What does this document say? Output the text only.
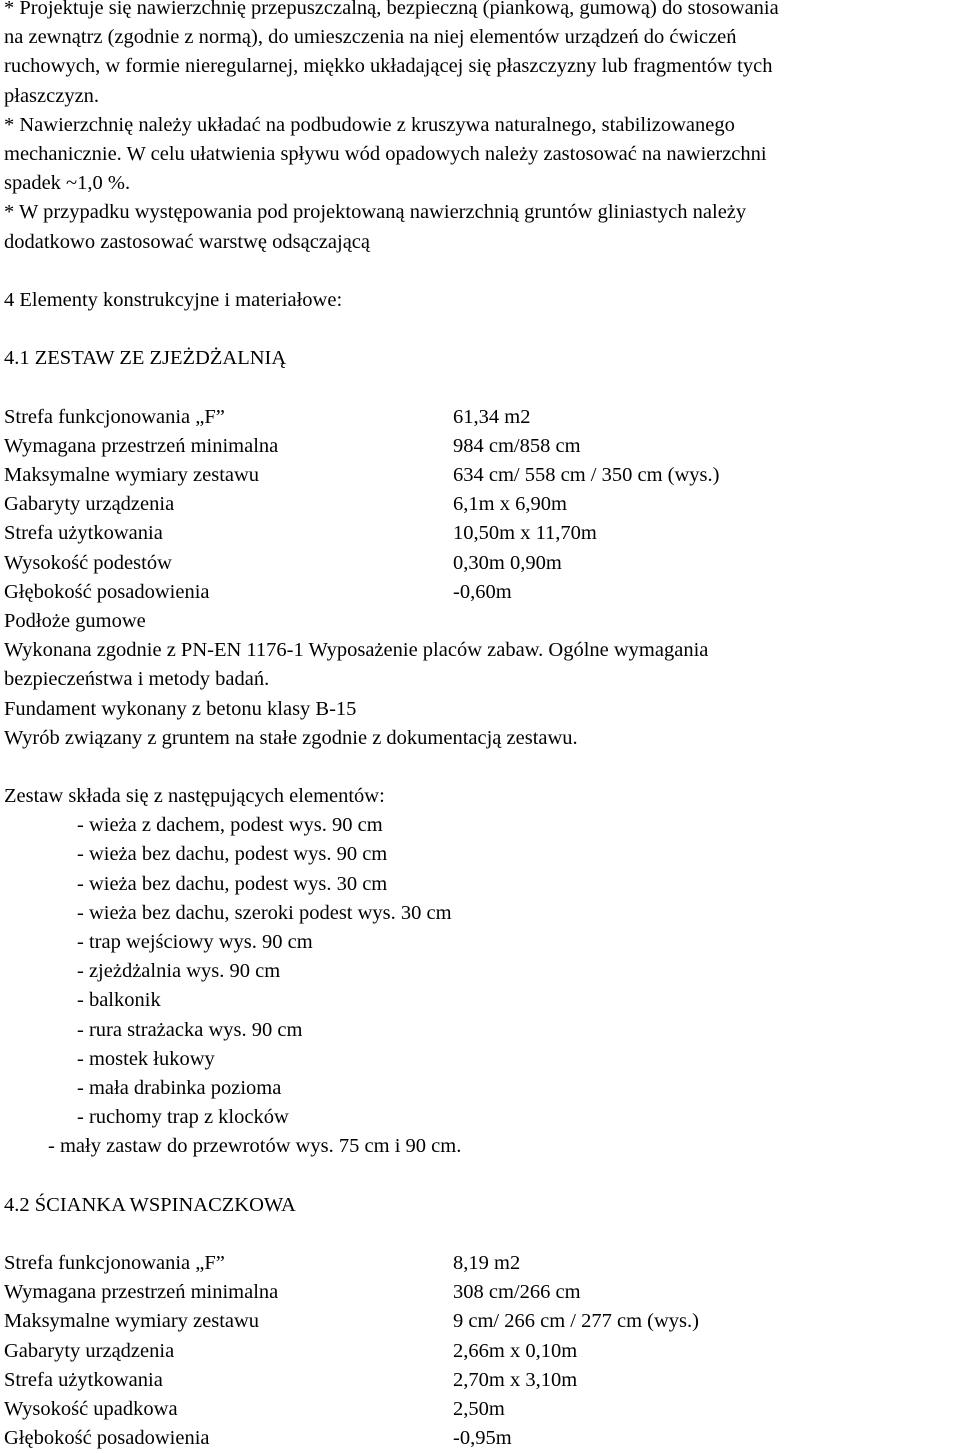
* Projektuje się nawierzchnię przepuszczalną, bezpieczną (piankową, gumową) do stosowania
na zewnątrz (zgodnie z normą), do umieszczenia na niej elementów urządzeń do ćwiczeń
ruchowych, w formie nieregularnej, miękko układającej się płaszczyzny lub fragmentów tych
płaszczyzn.
* Nawierzchnię należy układać na podbudowie z kruszywa naturalnego, stabilizowanego
mechanicznie. W celu ułatwienia spływu wód opadowych należy zastosować na nawierzchni
spadek ~1,0 %.
* W przypadku występowania pod projektowaną nawierzchnią gruntów gliniastych należy
dodatkowo zastosować warstwę odsączającą
4 Elementy konstrukcyjne i materiałowe:
4.1 ZESTAW ZE ZJEŻDŻALNIĄ
Strefa funkcjonowania „F”	61,34 m2
Wymagana przestrzeń minimalna	984 cm/858 cm
Maksymalne wymiary zestawu	634 cm/ 558 cm / 350 cm (wys.)
Gabaryty urządzenia	6,1m x 6,90m
Strefa użytkowania	10,50m x 11,70m
Wysokość podestów	0,30m 0,90m
Głębokość posadowienia	-0,60m
Podłoże gumowe
Wykonana zgodnie z PN-EN 1176-1 Wyposażenie placów zabaw. Ogólne wymagania
bezpieczeństwa i metody badań.
Fundament wykonany z betonu klasy B-15
Wyrób związany z gruntem na stałe zgodnie z dokumentacją zestawu.
Zestaw składa się z następujących elementów:
- wieża z dachem, podest wys. 90 cm
- wieża bez dachu, podest wys. 90 cm
- wieża bez dachu, podest wys. 30 cm
- wieża bez dachu, szeroki podest wys. 30 cm
- trap wejściowy wys. 90 cm
- zjeżdżalnia wys. 90 cm
- balkonik
- rura strażacka wys. 90 cm
- mostek łukowy
- mała drabinka pozioma
- ruchomy trap z klocków
- mały zastaw do przewrotów wys. 75 cm i 90 cm.
4.2 ŚCIANKA WSPINACZKOWA
Strefa funkcjonowania „F”	8,19 m2
Wymagana przestrzeń minimalna	308 cm/266 cm
Maksymalne wymiary zestawu	9 cm/ 266 cm / 277 cm (wys.)
Gabaryty urządzenia	2,66m x 0,10m
Strefa użytkowania	2,70m x 3,10m
Wysokość upadkowa	2,50m
Głębokość posadowienia	-0,95m
